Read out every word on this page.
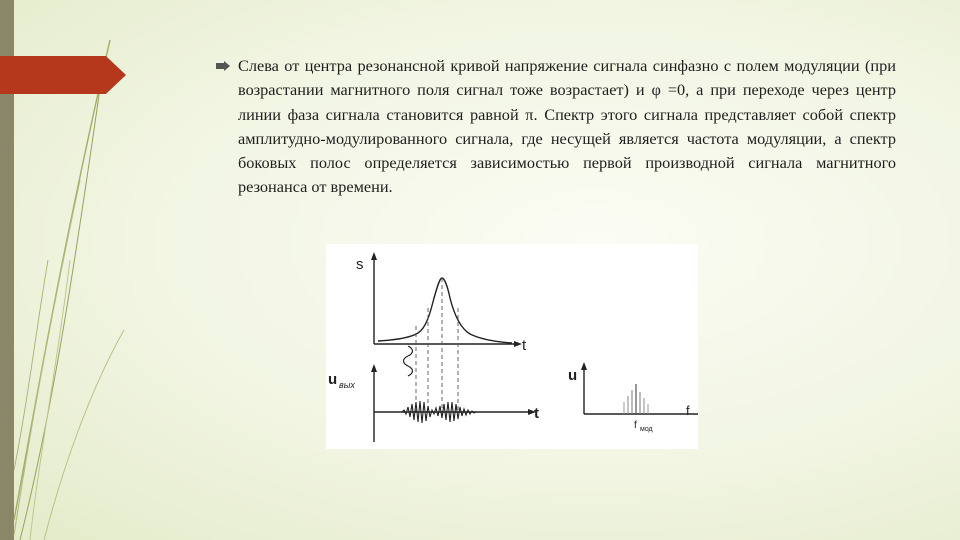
Слева от центра резонансной кривой напряжение сигнала синфазно с полем модуляции (при возрастании магнитного поля сигнал тоже возрастает) и φ =0, а при переходе через центр линии фаза сигнала становится равной π. Спектр этого сигнала представляет собой спектр амплитудно-модулированного сигнала, где несущей является частота модуляции, а спектр боковых полос определяется зависимостью первой производной сигнала магнитного резонанса от времени.
s
t
u вых
t
u
f
f мод
